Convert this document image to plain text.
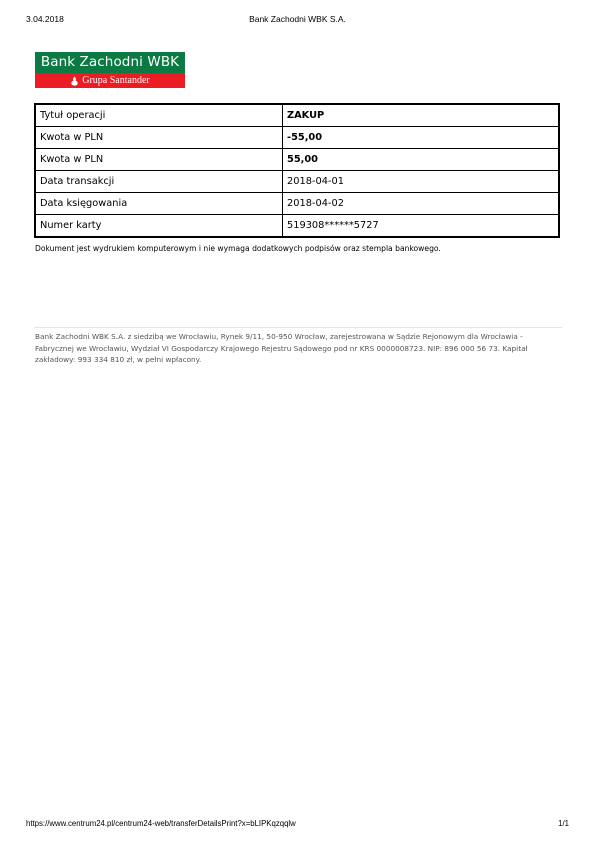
3.04.2018	Bank Zachodni WBK S.A.
Bank Zachodni WBK
Grupa Santander
Tytuł operacji	ZAKUP
Kwota w PLN	-55,00
Kwota w PLN	55,00
Data transakcji	2018-04-01
Data księgowania	2018-04-02
Numer karty	519308******5727
Dokument jest wydrukiem komputerowym i nie wymaga dodatkowych podpisów oraz stempla bankowego.
Bank Zachodni WBK S.A. z siedzibą we Wrocławiu, Rynek 9/11, 50-950 Wrocław, zarejestrowana w Sądzie Rejonowym dla Wrocławia - Fabrycznej we Wrocławiu, Wydział VI Gospodarczy Krajowego Rejestru Sądowego pod nr KRS 0000008723. NIP: 896 000 56 73. Kapitał zakładowy: 993 334 810 zł, w pełni wpłacony.
https://www.centrum24.pl/centrum24-web/transferDetailsPrint?x=bLIPKqzqqlw	1/1
